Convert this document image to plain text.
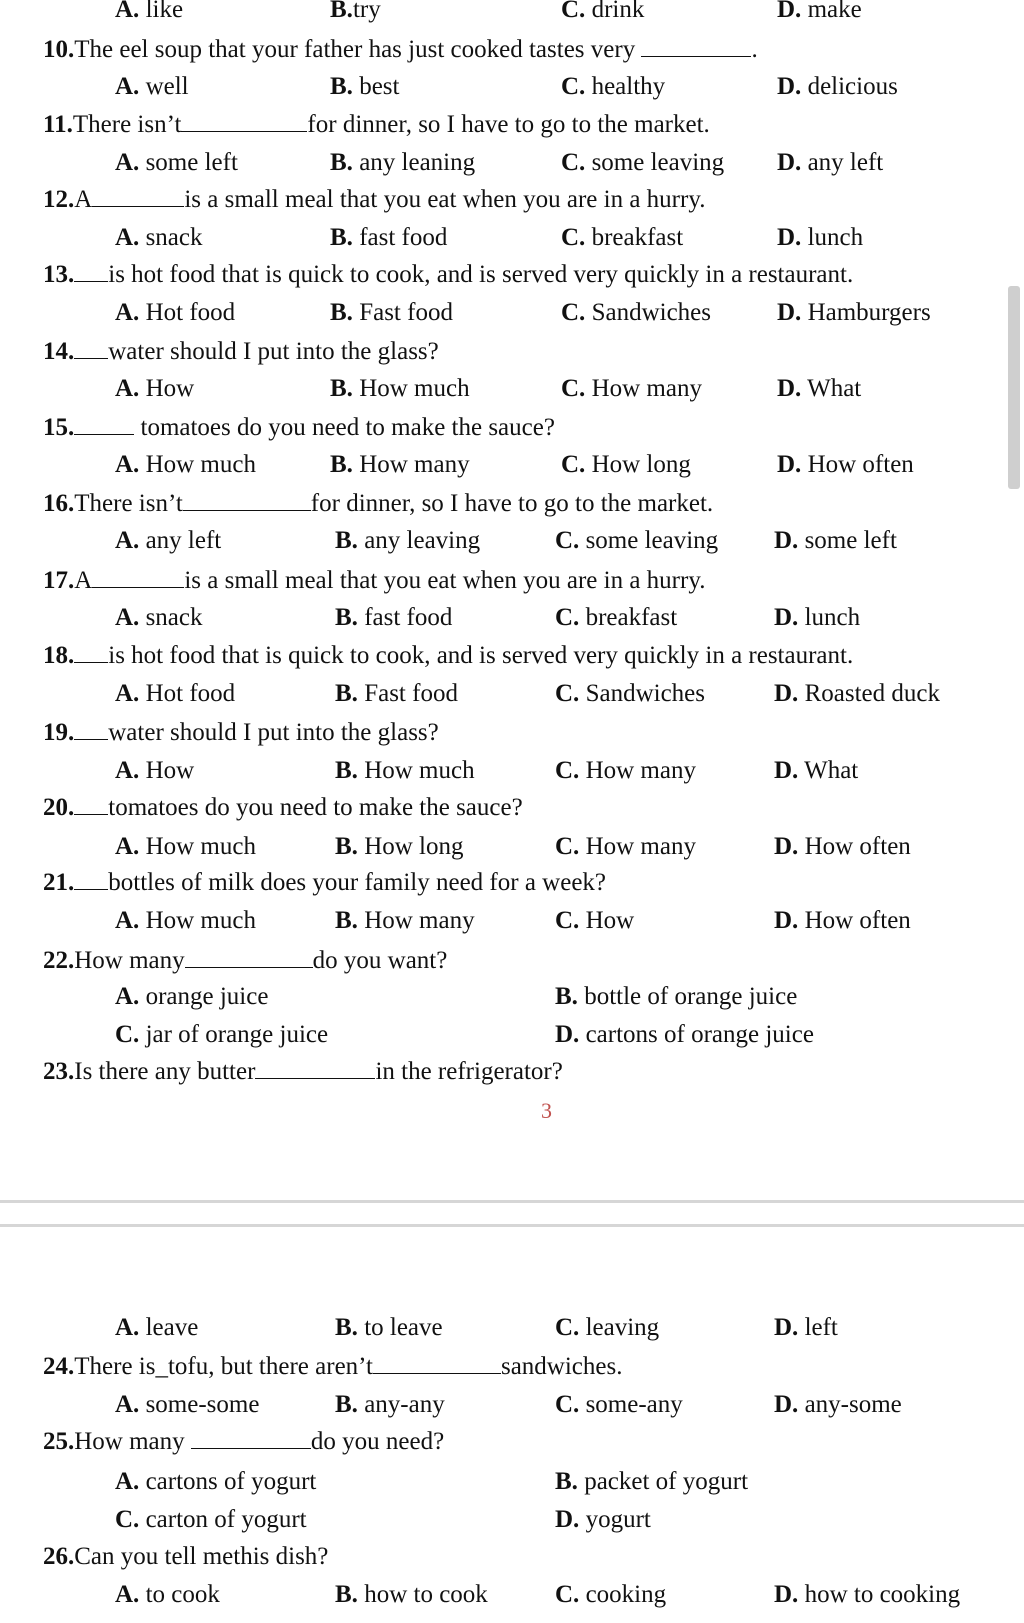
A. like	B.try	C. drink	D. make
10.The eel soup that your father has just cooked tastes very	.
A. well	B. best	C. healthy	D. delicious
11.There isn’t	for dinner, so I have to go to the market.
A. some left	B. any leaning	C. some leaving D. any left
12.A	is a small meal that you eat when you are in a hurry.
A. snack	B. fast food	C. breakfast	D. lunch
13. is hot food that is quick to cook, and is served very quickly in a restaurant.
A. Hot food	B. Fast food	C. Sandwiches	D. Hamburgers
14. water should I put into the glass?
A. How	B. How much	C. How many	D. What
15. tomatoes do you need to make the sauce?
A. How much	B. How many	C. How long	D. How often
16.There isn’t	for dinner, so I have to go to the market.
A. any left	B. any leaving	C. some leaving D. some left
17.A	is a small meal that you eat when you are in a hurry.
A. snack	B. fast food	C. breakfast	D. lunch
18. is hot food that is quick to cook, and is served very quickly in a restaurant.
A. Hot food	B. Fast food	C. Sandwiches	D. Roasted duck
19. water should I put into the glass?
A. How	B. How much	C. How many	D. What
20. tomatoes do you need to make the sauce?
A. How much	B. How long	C. How many	D. How often
21. bottles of milk does your family need for a week?
A. How much	B. How many	C. How	D. How often
22.How many	do you want?
A. orange juice	B. bottle of orange juice
C. jar of orange juice	D. cartons of orange juice
23.Is there any butter	in the refrigerator?
A. leave	B. to leave	C. leaving	D. left
24.There is_tofu, but there aren’t	sandwiches.
A. some-some	B. any-any	C. some-any	D. any-some
25.How many	do you need?
A. cartons of yogurt	B. packet of yogurt
C. carton of yogurt	D. yogurt
26.Can you tell methis dish?
A. to cook	B. how to cook	C. cooking	D. how to cooking
3
